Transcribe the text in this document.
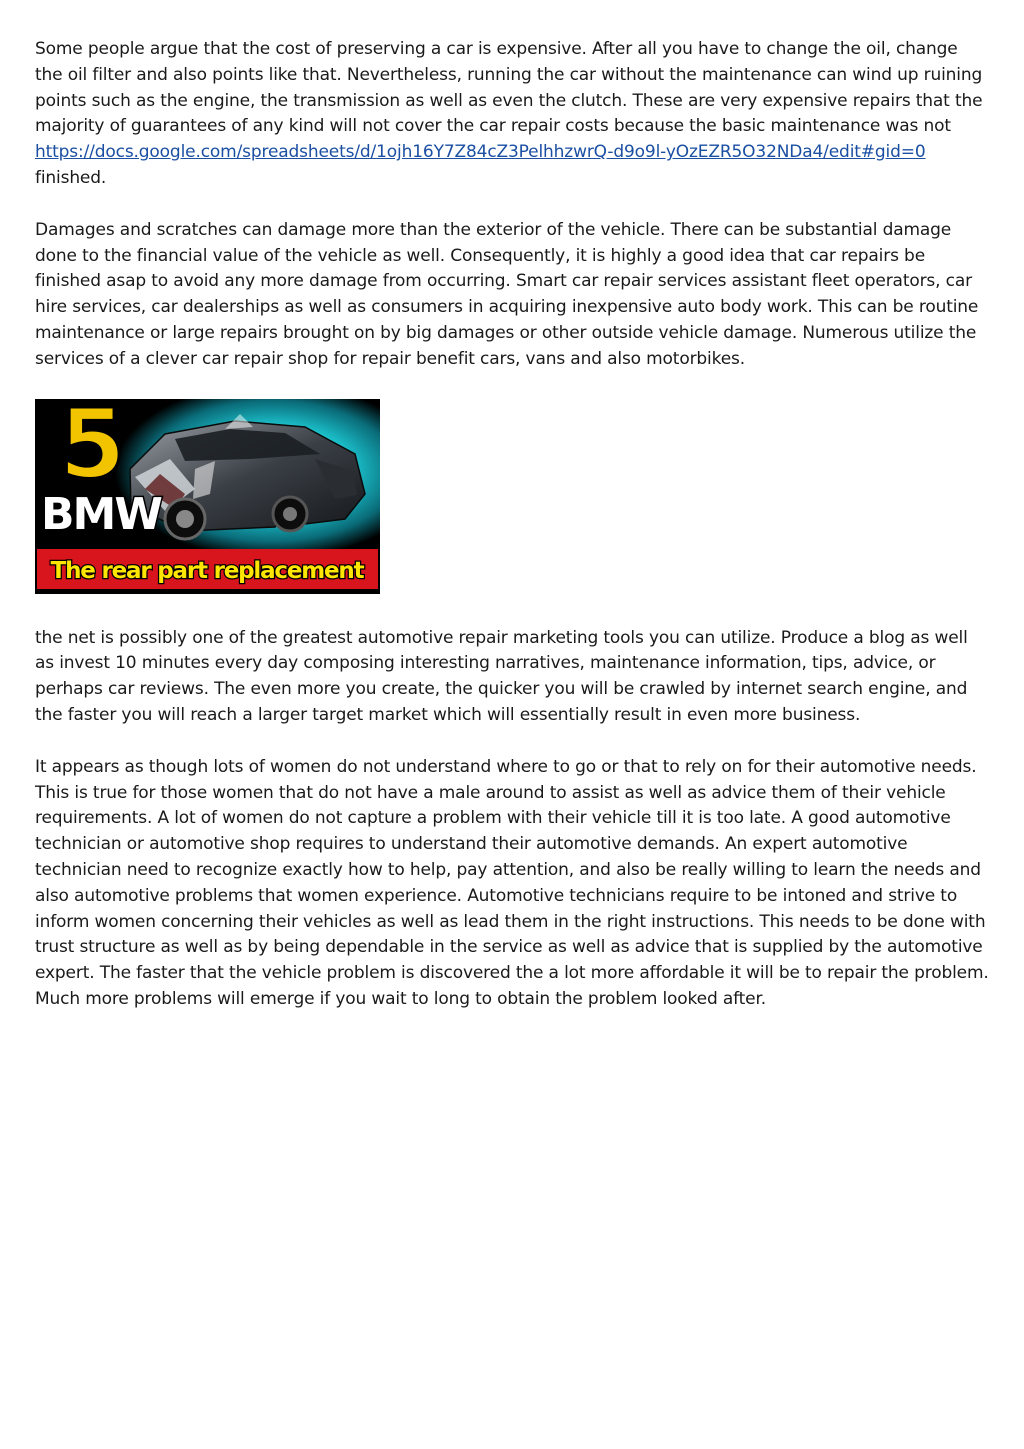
Some people argue that the cost of preserving a car is expensive. After all you have to change the oil, change the oil filter and also points like that. Nevertheless, running the car without the maintenance can wind up ruining points such as the engine, the transmission as well as even the clutch. These are very expensive repairs that the majority of guarantees of any kind will not cover the car repair costs because the basic maintenance was not https://docs.google.com/spreadsheets/d/1ojh16Y7Z84cZ3PelhhzwrQ-d9o9l-yOzEZR5O32NDa4/edit#gid=0 finished.

Damages and scratches can damage more than the exterior of the vehicle. There can be substantial damage done to the financial value of the vehicle as well. Consequently, it is highly a good idea that car repairs be finished asap to avoid any more damage from occurring. Smart car repair services assistant fleet operators, car hire services, car dealerships as well as consumers in acquiring inexpensive auto body work. This can be routine maintenance or large repairs brought on by big damages or other outside vehicle damage. Numerous utilize the services of a clever car repair shop for repair benefit cars, vans and also motorbikes.

5
BMW
The rear part replacement

the net is possibly one of the greatest automotive repair marketing tools you can utilize. Produce a blog as well as invest 10 minutes every day composing interesting narratives, maintenance information, tips, advice, or perhaps car reviews. The even more you create, the quicker you will be crawled by internet search engine, and the faster you will reach a larger target market which will essentially result in even more business.

It appears as though lots of women do not understand where to go or that to rely on for their automotive needs. This is true for those women that do not have a male around to assist as well as advice them of their vehicle requirements. A lot of women do not capture a problem with their vehicle till it is too late. A good automotive technician or automotive shop requires to understand their automotive demands. An expert automotive technician need to recognize exactly how to help, pay attention, and also be really willing to learn the needs and also automotive problems that women experience. Automotive technicians require to be intoned and strive to inform women concerning their vehicles as well as lead them in the right instructions. This needs to be done with trust structure as well as by being dependable in the service as well as advice that is supplied by the automotive expert. The faster that the vehicle problem is discovered the a lot more affordable it will be to repair the problem. Much more problems will emerge if you wait to long to obtain the problem looked after.
